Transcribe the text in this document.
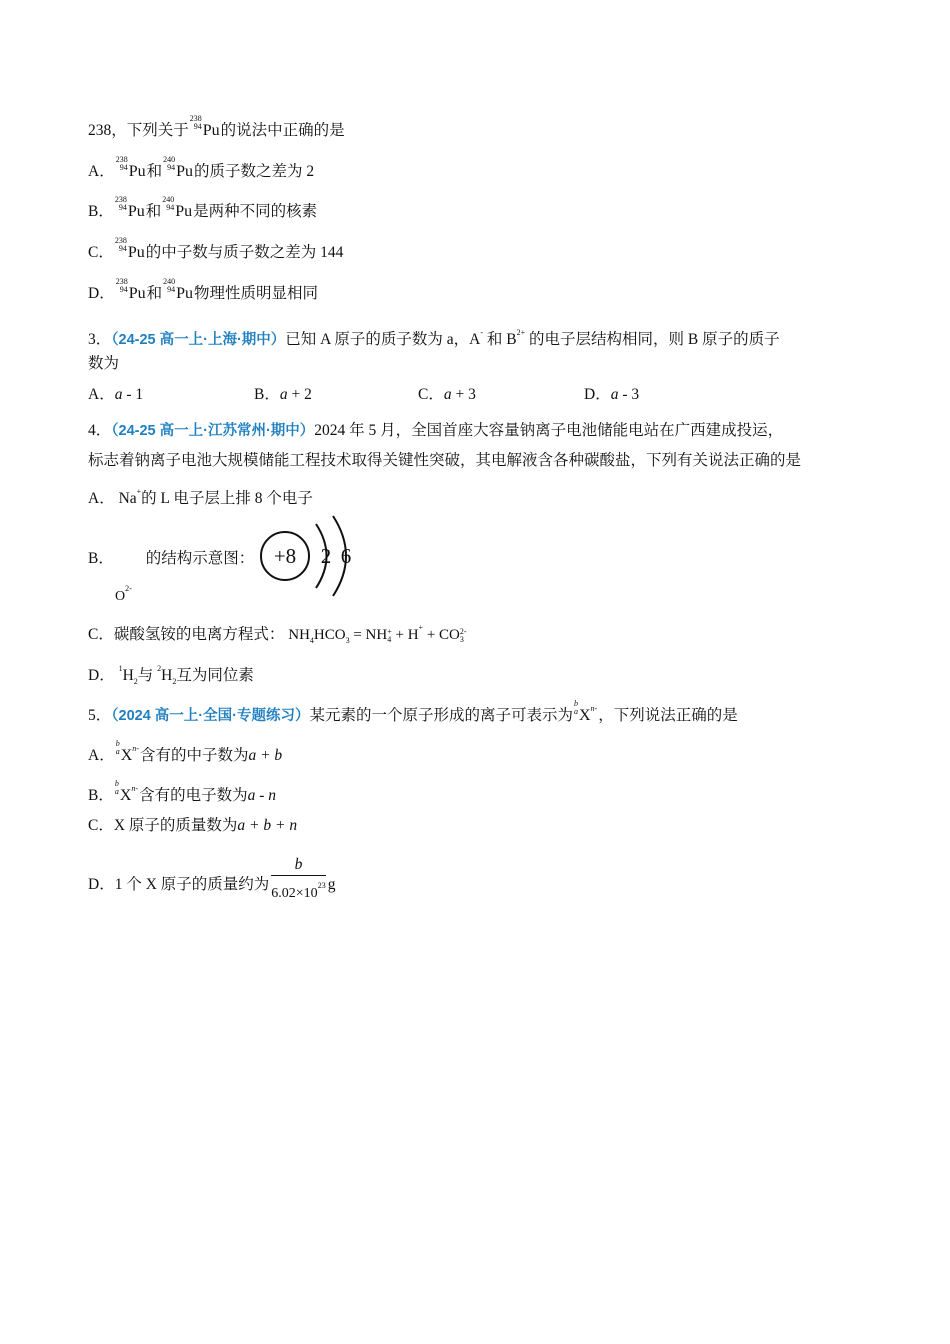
238，下列关于
238
94 Pu的说法中正确的是
A．
238
94 Pu和
240
94 Pu的质子数之差为 2
B．
238
94 Pu和
240
94 Pu是两种不同的核素
C．
238
94 Pu的中子数与质子数之差为 144
D．
238
94 Pu和
240
94 Pu物理性质明显相同
3．（24-25 高一上·上海·期中）已知 A 原子的质子数为 a，A- 和 $B^{2+}$ 的电子层结构相同，则 B 原子的质子
数为
A．a - 1	B．a + 2	C．a + 3	D．a - 3
4．（24-25 高一上·江苏常州·期中）2024 年 5 月，全国首座大容量钠离子电池储能电站在广西建成投运，
标志着钠离子电池大规模储能工程技术取得关键性突破，其电解液含各种碳酸盐，下列有关说法正确的是
A． Na+的 L 电子层上排 8 个电子
B． 的结构示意图：
$O^{2-}$
+8 2 6
C．碳酸氢铵的电离方程式： $NH_4HCO_3$ = NH +
4 + H+ + CO 2-
3
D． $^1H_2$与 $^2H_2$互为同位素
5．（2024 高一上·全国·专题练习）某元素的一个原子形成的离子可表示为
b
a $X^{n-}$，下列说法正确的是
A．
b
a $X^{n-}$含有的中子数为a + b
B．
b
a $X^{n-}$含有的电子数为a - n
C．X 原子的质量数为a + b + n
D．1 个 X 原子的质量约为 $\frac{b}{6.02\times 10^{23}}$ g
